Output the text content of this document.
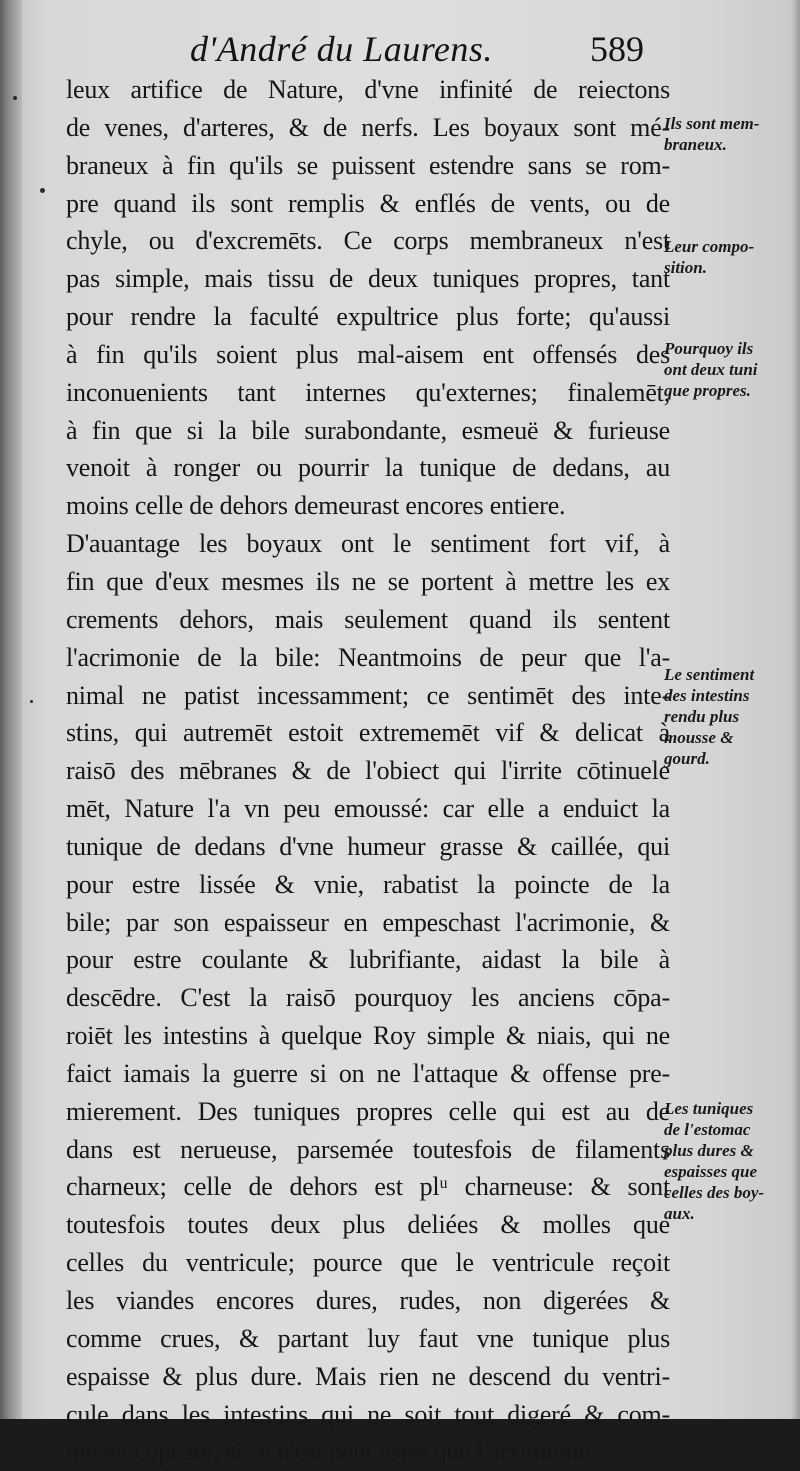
d'André du Laurens.	589
leux artifice de Nature, d'vne infinité de reiectons
de venes, d'arteres, & de nerfs. Les boyaux sont mé-
braneux à fin qu'ils se puissent estendre sans se rom-
pre quand ils sont remplis & enflés de vents, ou de
chyle, ou d'excremēts. Ce corps membraneux n'est
pas simple, mais tissu de deux tuniques propres, tant
pour rendre la faculté expultrice plus forte; qu'aussi
à fin qu'ils soient plus mal-aisem ent offensés des
inconuenients tant internes qu'externes; finalemēt,
à fin que si la bile surabondante, esmeuë & furieuse
venoit à ronger ou pourrir la tunique de dedans, au
moins celle de dehors demeurast encores entiere.
D'auantage les boyaux ont le sentiment fort vif, à
fin que d'eux mesmes ils ne se portent à mettre les ex
crements dehors, mais seulement quand ils sentent
l'acrimonie de la bile: Neantmoins de peur que l'a-
nimal ne patist incessamment; ce sentimēt des inte-
stins, qui autremēt estoit extrememēt vif & delicat à
raisō des mēbranes & de l'obiect qui l'irrite cōtinuele
mēt, Nature l'a vn peu emoussé: car elle a enduict la
tunique de dedans d'vne humeur grasse & caillée, qui
pour estre lissée & vnie, rabatist la poincte de la
bile; par son espaisseur en empeschast l'acrimonie, &
pour estre coulante & lubrifiante, aidast la bile à
descēdre. C'est la raisō pourquoy les anciens cōpa-
roiēt les intestins à quelque Roy simple & niais, qui ne
faict iamais la guerre si on ne l'attaque & offense pre-
mierement. Des tuniques propres celle qui est au de
dans est nerueuse, parsemée toutesfois de filaments
charneux; celle de dehors est plᵘ charneuse: & sont
toutesfois toutes deux plus deliées & molles que
celles du ventricule; pource que le ventricule reçoit
les viandes encores dures, rudes, non digerées &
comme crues, & partant luy faut vne tunique plus
espaisse & plus dure. Mais rien ne descend du ventri-
cule dans les intestins qui ne soit tout digeré & com-
me en cōposte, si ce n'est peut estre que l'acrimonie
Ils sont mem-
braneux.
Leur compo-
sition.
Pourquoy ils
ont deux tuni
que propres.
Le sentiment
des intestins
rendu plus
mousse &
gourd.
Les tuniques
de l'estomac
plus dures &
espaisses que
celles des boy-
aux.
